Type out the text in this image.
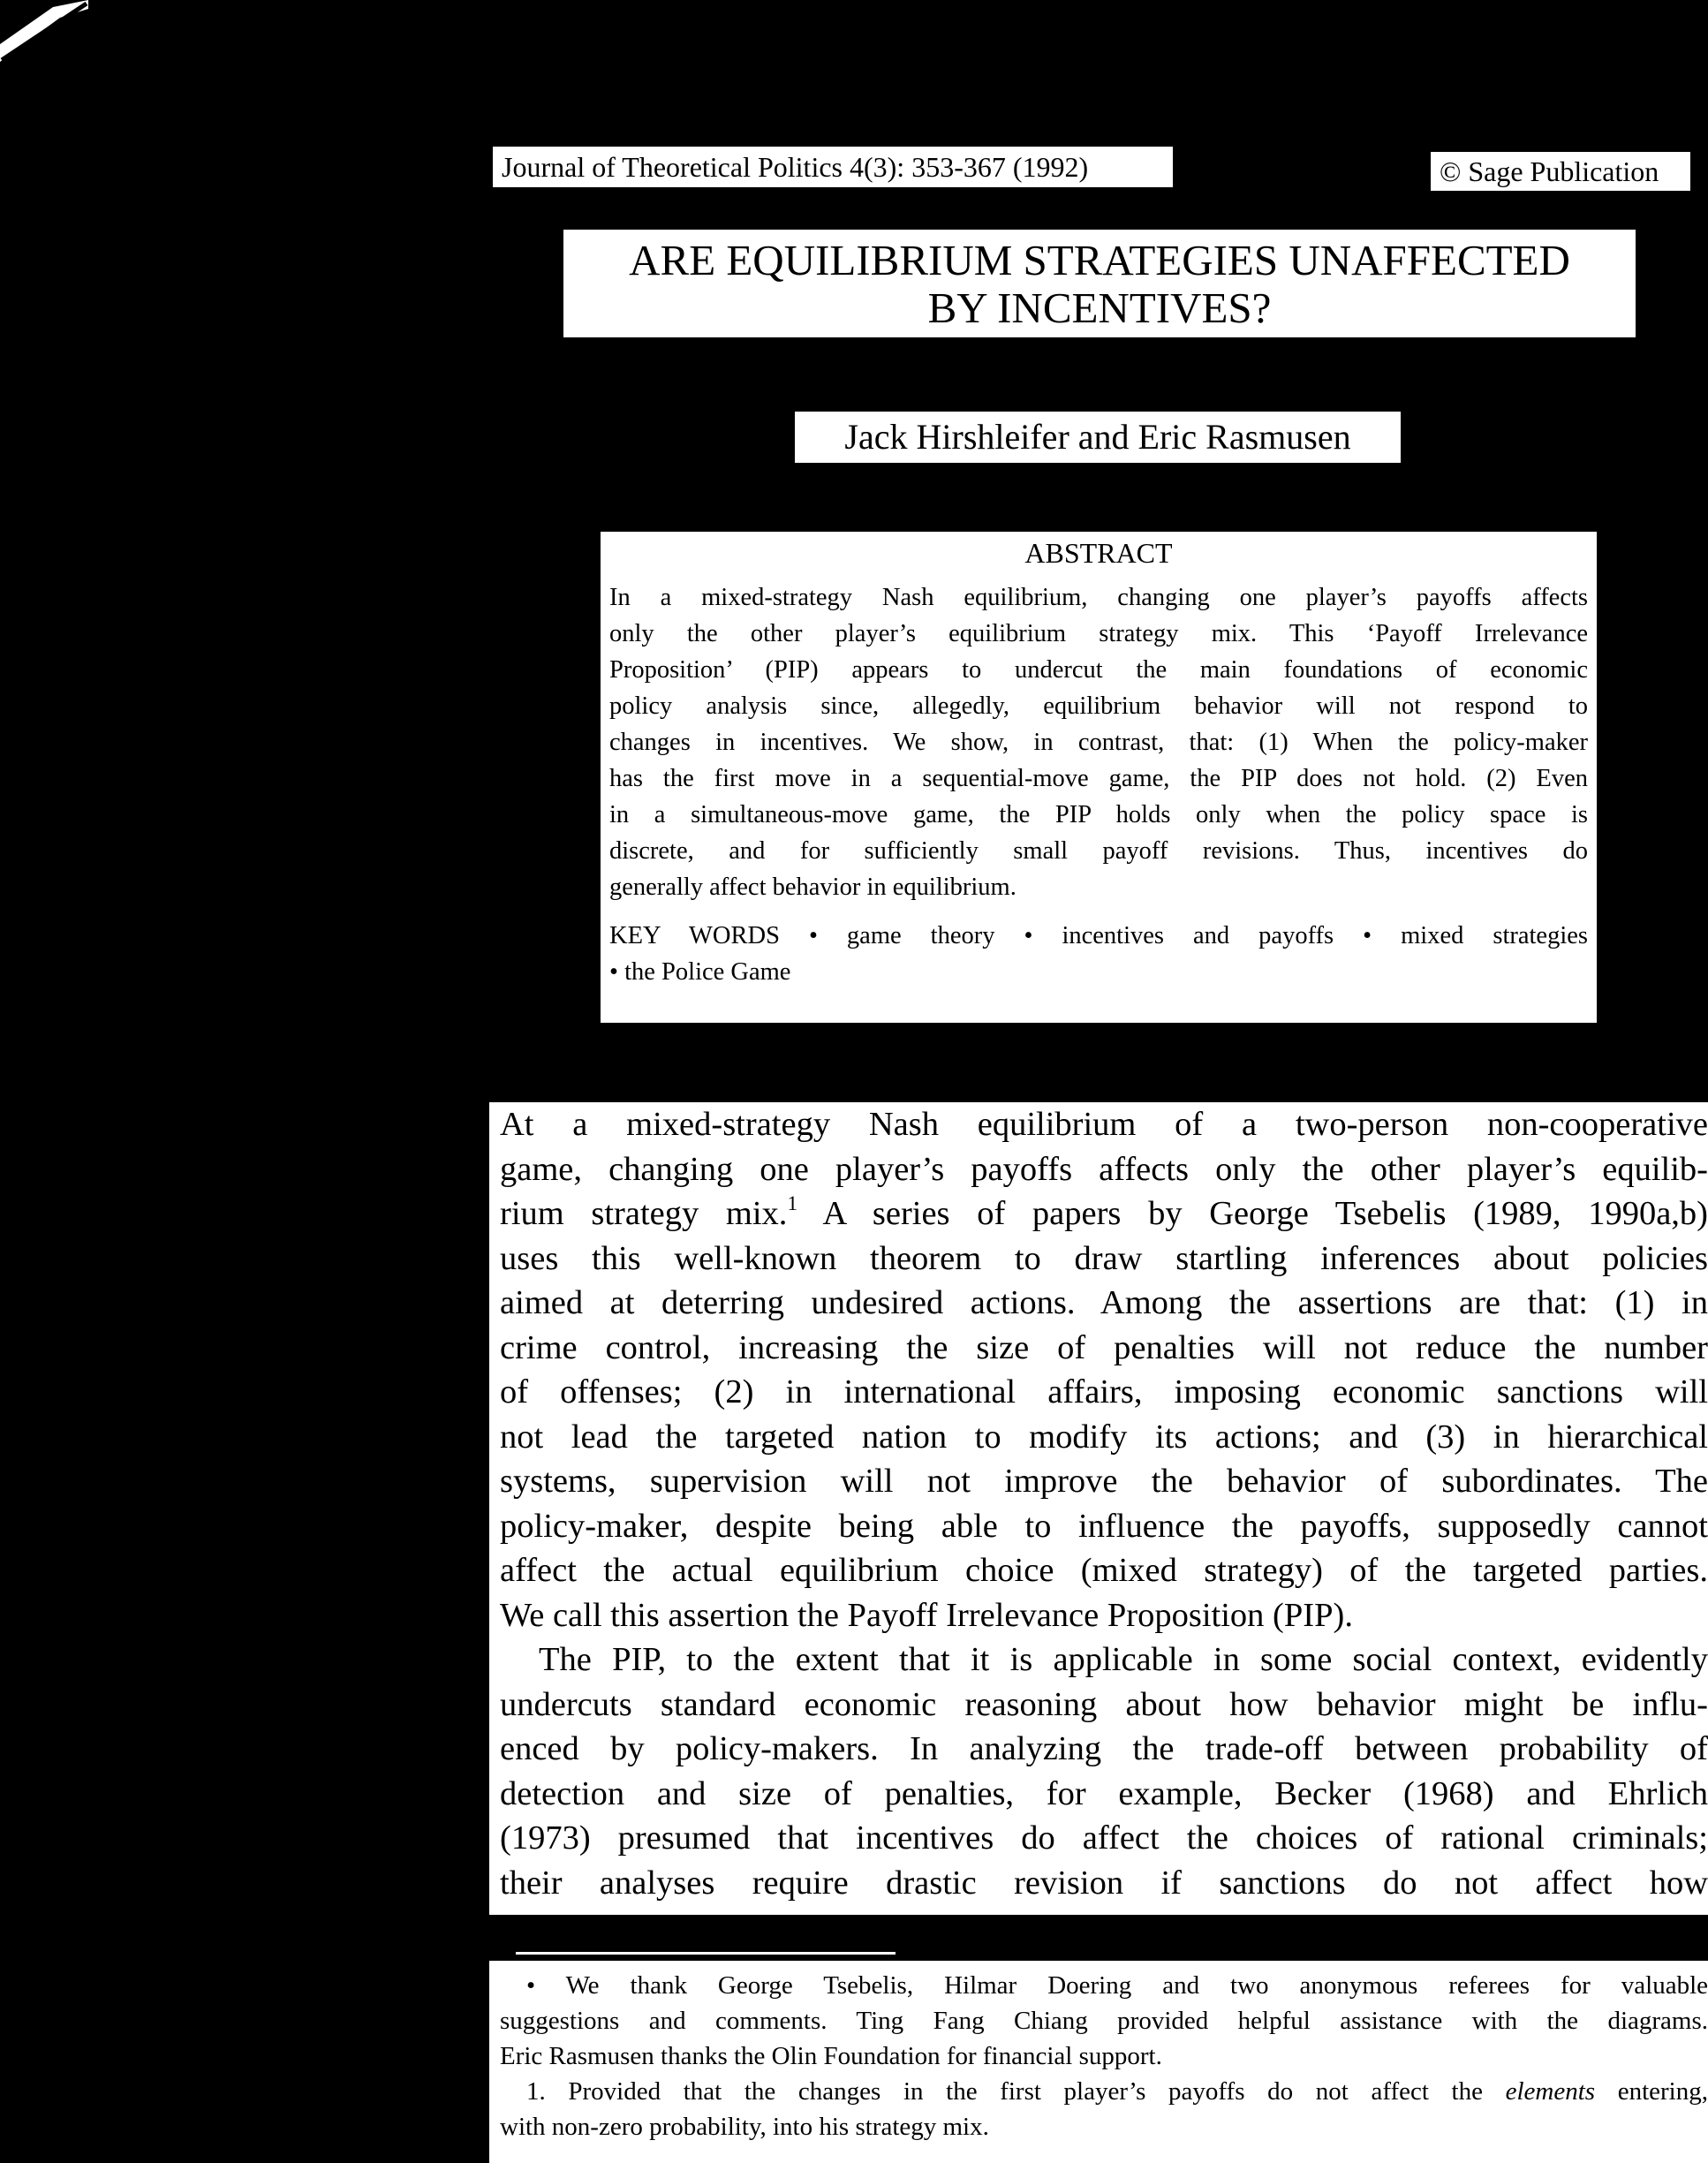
Journal of Theoretical Politics 4(3): 353-367 (1992)	© Sage Publication
ARE EQUILIBRIUM STRATEGIES UNAFFECTED
BY INCENTIVES?
Jack Hirshleifer and Eric Rasmusen
ABSTRACT
In a mixed-strategy Nash equilibrium, changing one player’s payoffs affects
only the other player’s equilibrium strategy mix. This ‘Payoff Irrelevance
Proposition’ (PIP) appears to undercut the main foundations of economic
policy analysis since, allegedly, equilibrium behavior will not respond to
changes in incentives. We show, in contrast, that: (1) When the policy-maker
has the first move in a sequential-move game, the PIP does not hold. (2) Even
in a simultaneous-move game, the PIP holds only when the policy space is
discrete, and for sufficiently small payoff revisions. Thus, incentives do
generally affect behavior in equilibrium.
KEY WORDS • game theory • incentives and payoffs • mixed strategies
• the Police Game
At a mixed-strategy Nash equilibrium of a two-person non-cooperative
game, changing one player’s payoffs affects only the other player’s equilib-
rium strategy mix.$^1$ A series of papers by George Tsebelis (1989, 1990a,b)
uses this well-known theorem to draw startling inferences about policies
aimed at deterring undesired actions. Among the assertions are that: (1) in
crime control, increasing the size of penalties will not reduce the number
of offenses; (2) in international affairs, imposing economic sanctions will
not lead the targeted nation to modify its actions; and (3) in hierarchical
systems, supervision will not improve the behavior of subordinates. The
policy-maker, despite being able to influence the payoffs, supposedly cannot
affect the actual equilibrium choice (mixed strategy) of the targeted parties.
We call this assertion the Payoff Irrelevance Proposition (PIP).
The PIP, to the extent that it is applicable in some social context, evidently
undercuts standard economic reasoning about how behavior might be influ-
enced by policy-makers. In analyzing the trade-off between probability of
detection and size of penalties, for example, Becker (1968) and Ehrlich
(1973) presumed that incentives do affect the choices of rational criminals;
their analyses require drastic revision if sanctions do not affect how
• We thank George Tsebelis, Hilmar Doering and two anonymous referees for valuable
suggestions and comments. Ting Fang Chiang provided helpful assistance with the diagrams.
Eric Rasmusen thanks the Olin Foundation for financial support.
1. Provided that the changes in the first player’s payoffs do not affect the elements entering,
with non-zero probability, into his strategy mix.
